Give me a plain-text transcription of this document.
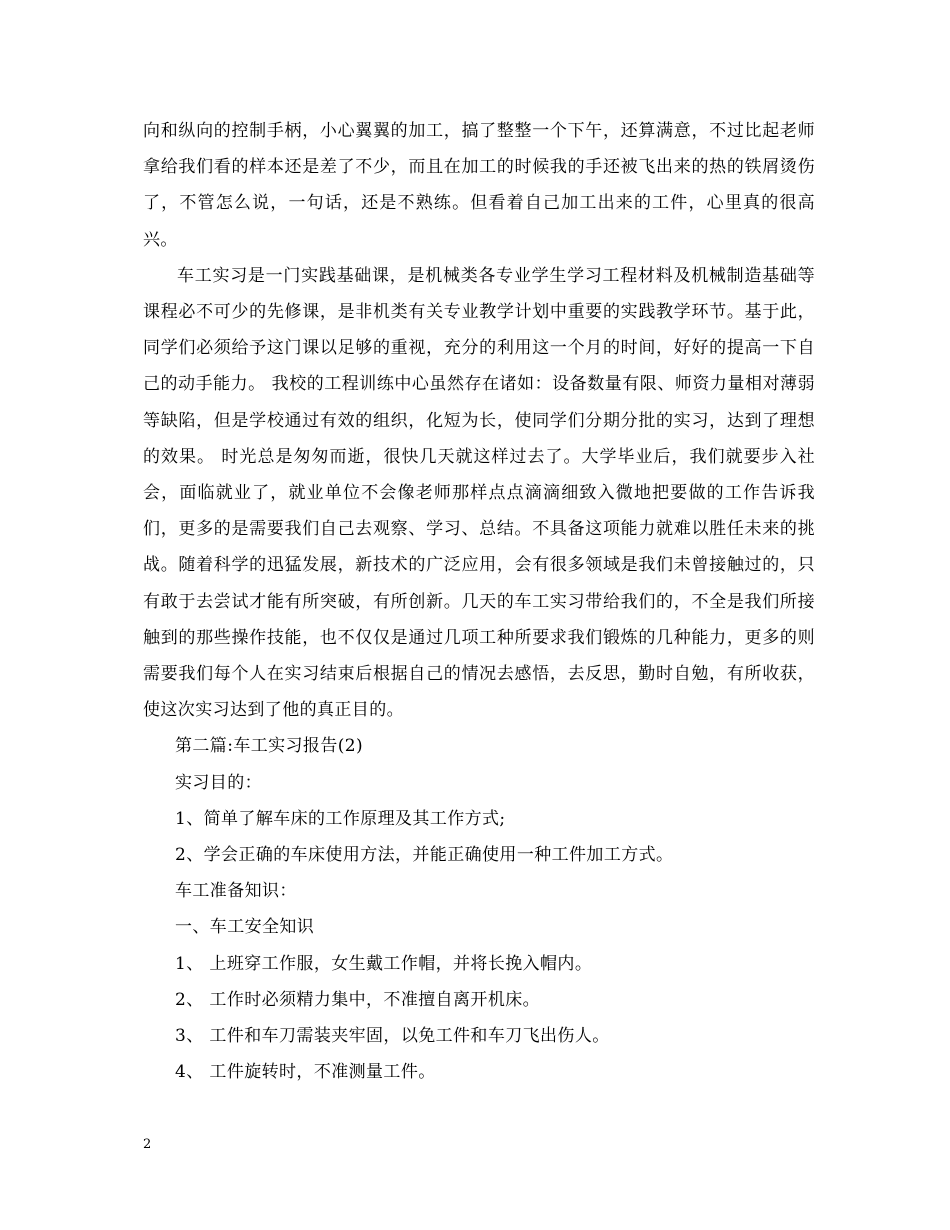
向和纵向的控制手柄，小心翼翼的加工，搞了整整一个下午，还算满意，不过比起老师拿给我们看的样本还是差了不少，而且在加工的时候我的手还被飞出来的热的铁屑烫伤了，不管怎么说，一句话，还是不熟练。但看着自己加工出来的工件，心里真的很高兴。

车工实习是一门实践基础课，是机械类各专业学生学习工程材料及机械制造基础等课程必不可少的先修课，是非机类有关专业教学计划中重要的实践教学环节。基于此，同学们必须给予这门课以足够的重视，充分的利用这一个月的时间，好好的提高一下自己的动手能力。 我校的工程训练中心虽然存在诸如：设备数量有限、师资力量相对薄弱等缺陷，但是学校通过有效的组织，化短为长，使同学们分期分批的实习，达到了理想的效果。 时光总是匆匆而逝，很快几天就这样过去了。大学毕业后，我们就要步入社会，面临就业了，就业单位不会像老师那样点点滴滴细致入微地把要做的工作告诉我们，更多的是需要我们自己去观察、学习、总结。不具备这项能力就难以胜任未来的挑战。随着科学的迅猛发展，新技术的广泛应用，会有很多领域是我们未曾接触过的，只有敢于去尝试才能有所突破，有所创新。几天的车工实习带给我们的，不全是我们所接触到的那些操作技能，也不仅仅是通过几项工种所要求我们锻炼的几种能力，更多的则需要我们每个人在实习结束后根据自己的情况去感悟，去反思，勤时自勉，有所收获，使这次实习达到了他的真正目的。

第二篇:车工实习报告(2)

实习目的：

1、简单了解车床的工作原理及其工作方式;

2、学会正确的车床使用方法，并能正确使用一种工件加工方式。

车工准备知识：

一、车工安全知识

1、 上班穿工作服，女生戴工作帽，并将长挽入帽内。

2、 工作时必须精力集中，不准擅自离开机床。

3、 工件和车刀需装夹牢固，以免工件和车刀飞出伤人。

4、 工件旋转时，不准测量工件。

2
